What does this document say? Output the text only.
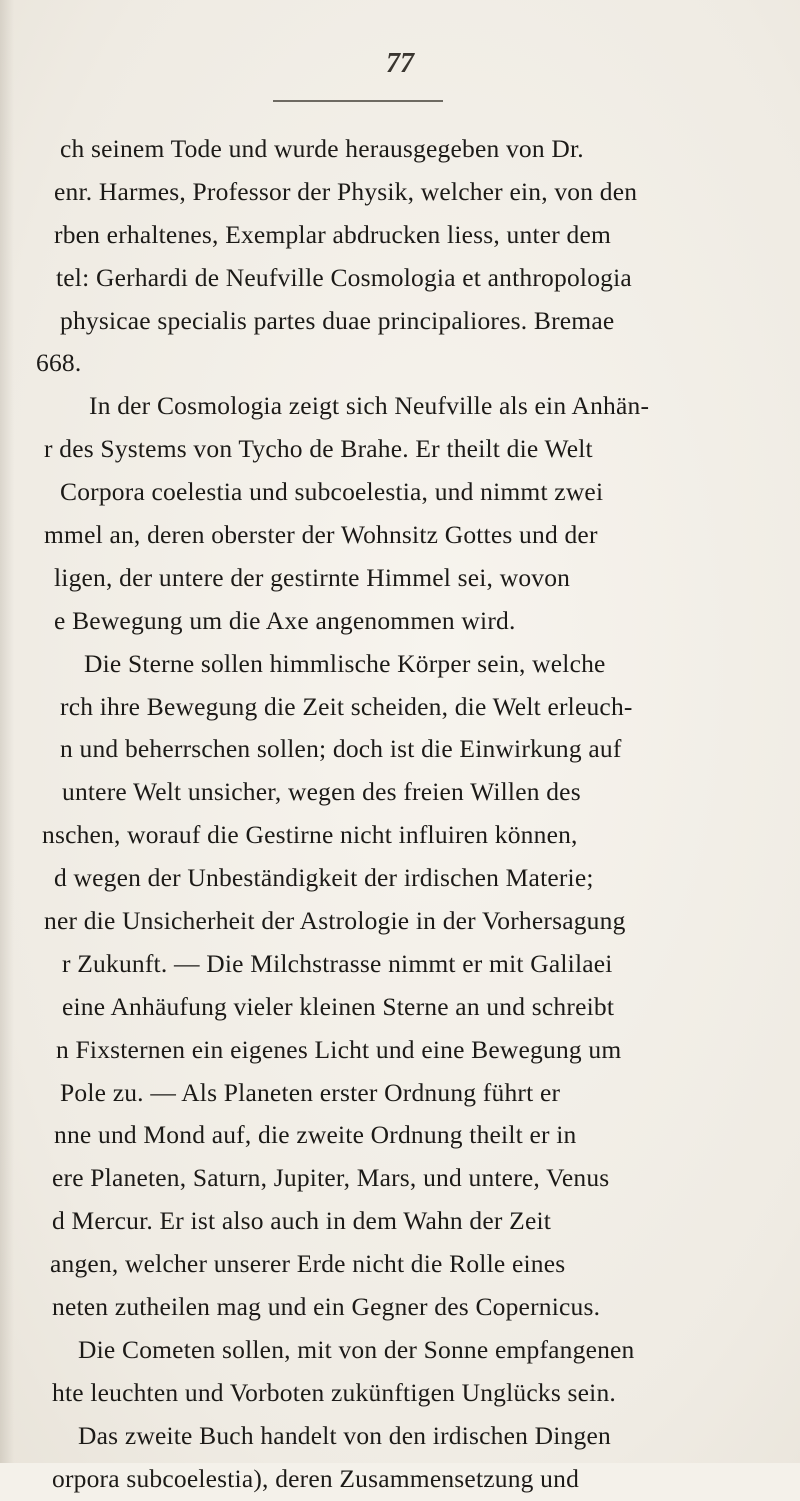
77
ch seinem Tode und wurde herausgegeben von Dr.
enr. Harmes, Professor der Physik, welcher ein, von den
rben erhaltenes, Exemplar abdrucken liess, unter dem
tel: Gerhardi de Neufville Cosmologia et anthropologia
physicae specialis partes duae principaliores. Bremae
668.
In der Cosmologia zeigt sich Neufville als ein Anhän-
r des Systems von Tycho de Brahe. Er theilt die Welt
Corpora coelestia und subcoelestia, und nimmt zwei
mmel an, deren oberster der Wohnsitz Gottes und der
ligen, der untere der gestirnte Himmel sei, wovon
e Bewegung um die Axe angenommen wird.
Die Sterne sollen himmlische Körper sein, welche
rch ihre Bewegung die Zeit scheiden, die Welt erleuch-
n und beherrschen sollen; doch ist die Einwirkung auf
untere Welt unsicher, wegen des freien Willen des
nschen, worauf die Gestirne nicht influiren können,
d wegen der Unbeständigkeit der irdischen Materie;
ner die Unsicherheit der Astrologie in der Vorhersagung
r Zukunft. — Die Milchstrasse nimmt er mit Galilaei
eine Anhäufung vieler kleinen Sterne an und schreibt
n Fixsternen ein eigenes Licht und eine Bewegung um
Pole zu. — Als Planeten erster Ordnung führt er
nne und Mond auf, die zweite Ordnung theilt er in
ere Planeten, Saturn, Jupiter, Mars, und untere, Venus
d Mercur. Er ist also auch in dem Wahn der Zeit
angen, welcher unserer Erde nicht die Rolle eines
neten zutheilen mag und ein Gegner des Copernicus.
Die Cometen sollen, mit von der Sonne empfangenen
hte leuchten und Vorboten zukünftigen Unglücks sein.
Das zweite Buch handelt von den irdischen Dingen
orpora subcoelestia), deren Zusammensetzung und
